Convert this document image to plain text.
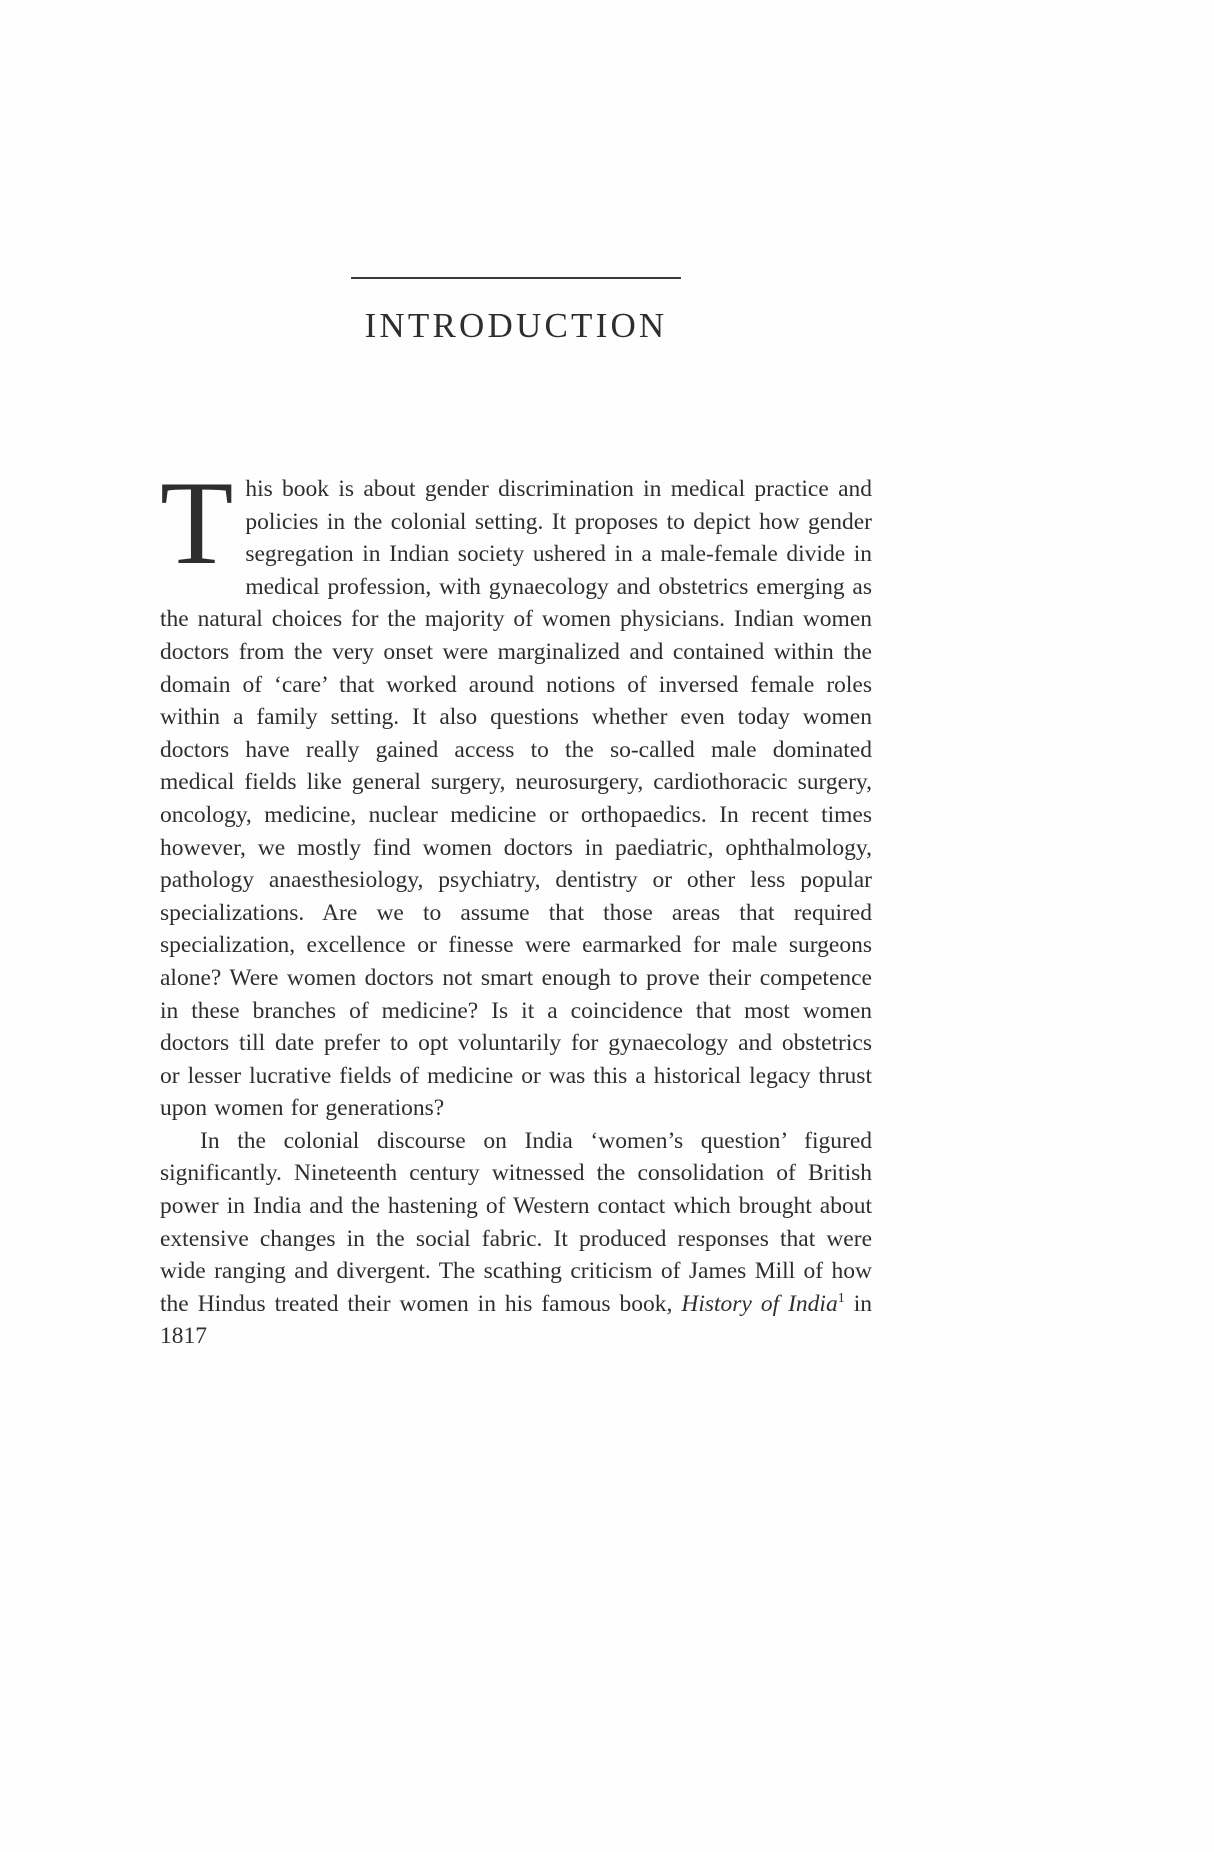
INTRODUCTION

This book is about gender discrimination in medical practice and policies in the colonial setting. It proposes to depict how gender segregation in Indian society ushered in a male-female divide in medical profession, with gynaecology and obstetrics emerging as the natural choices for the majority of women physicians. Indian women doctors from the very onset were marginalized and contained within the domain of ‘care’ that worked around notions of inversed female roles within a family setting. It also questions whether even today women doctors have really gained access to the so-called male dominated medical fields like general surgery, neurosurgery, cardiothoracic surgery, oncology, medicine, nuclear medicine or orthopaedics. In recent times however, we mostly find women doctors in paediatric, ophthalmology, pathology anaesthesiology, psychiatry, dentistry or other less popular specializations. Are we to assume that those areas that required specialization, excellence or finesse were earmarked for male surgeons alone? Were women doctors not smart enough to prove their competence in these branches of medicine? Is it a coincidence that most women doctors till date prefer to opt voluntarily for gynaecology and obstetrics or lesser lucrative fields of medicine or was this a historical legacy thrust upon women for generations?

In the colonial discourse on India ‘women’s question’ figured significantly. Nineteenth century witnessed the consolidation of British power in India and the hastening of Western contact which brought about extensive changes in the social fabric. It produced responses that were wide ranging and divergent. The scathing criticism of James Mill of how the Hindus treated their women in his famous book, History of India$^1$ in 1817
